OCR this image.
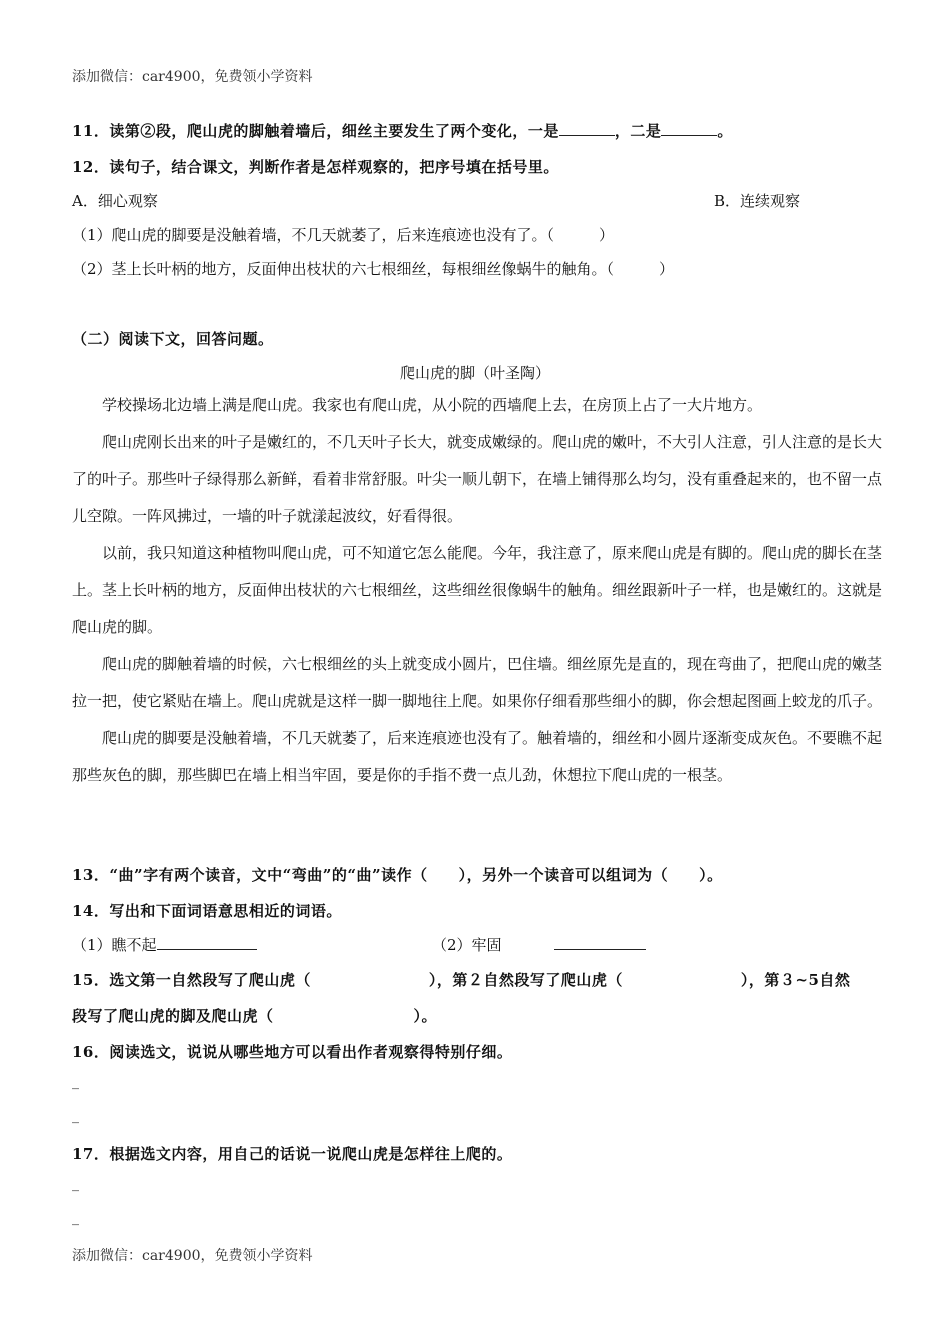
添加微信：car4900，免费领小学资料
11．读第②段，爬山虎的脚触着墙后，细丝主要发生了两个变化，一是	，二是	。
12．读句子，结合课文，判断作者是怎样观察的，把序号填在括号里。
A．细心观察	B．连续观察
（1）爬山虎的脚要是没触着墙，不几天就萎了，后来连痕迹也没有了。（　　　）
（2）茎上长叶柄的地方，反面伸出枝状的六七根细丝，每根细丝像蜗牛的触角。（　　　）
（二）阅读下文，回答问题。
爬山虎的脚（叶圣陶）

学校操场北边墙上满是爬山虎。我家也有爬山虎，从小院的西墙爬上去，在房顶上占了一大片地方。

爬山虎刚长出来的叶子是嫩红的，不几天叶子长大，就变成嫩绿的。爬山虎的嫩叶，不大引人注意，引人注意的是长大了的叶子。那些叶子绿得那么新鲜，看着非常舒服。叶尖一顺儿朝下，在墙上铺得那么均匀，没有重叠起来的，也不留一点儿空隙。一阵风拂过，一墙的叶子就漾起波纹，好看得很。

以前，我只知道这种植物叫爬山虎，可不知道它怎么能爬。今年，我注意了，原来爬山虎是有脚的。爬山虎的脚长在茎上。茎上长叶柄的地方，反面伸出枝状的六七根细丝，这些细丝很像蜗牛的触角。细丝跟新叶子一样，也是嫩红的。这就是爬山虎的脚。

爬山虎的脚触着墙的时候，六七根细丝的头上就变成小圆片，巴住墙。细丝原先是直的，现在弯曲了，把爬山虎的嫩茎拉一把，使它紧贴在墙上。爬山虎就是这样一脚一脚地往上爬。如果你仔细看那些细小的脚，你会想起图画上蛟龙的爪子。

爬山虎的脚要是没触着墙，不几天就萎了，后来连痕迹也没有了。触着墙的，细丝和小圆片逐渐变成灰色。不要瞧不起那些灰色的脚，那些脚巴在墙上相当牢固，要是你的手指不费一点儿劲，休想拉下爬山虎的一根茎。

13．“曲”字有两个读音，文中“弯曲”的“曲”读作（　　），另外一个读音可以组词为（　　）。
14．写出和下面词语意思相近的词语。
（1）瞧不起	（2）牢固
15．选文第一自然段写了爬山虎（	），第２自然段写了爬山虎（	），第３~5自然
段写了爬山虎的脚及爬山虎（	）。
16．阅读选文，说说从哪些地方可以看出作者观察得特别仔细。
_
_
17．根据选文内容，用自己的话说一说爬山虎是怎样往上爬的。
_
_
添加微信：car4900，免费领小学资料
